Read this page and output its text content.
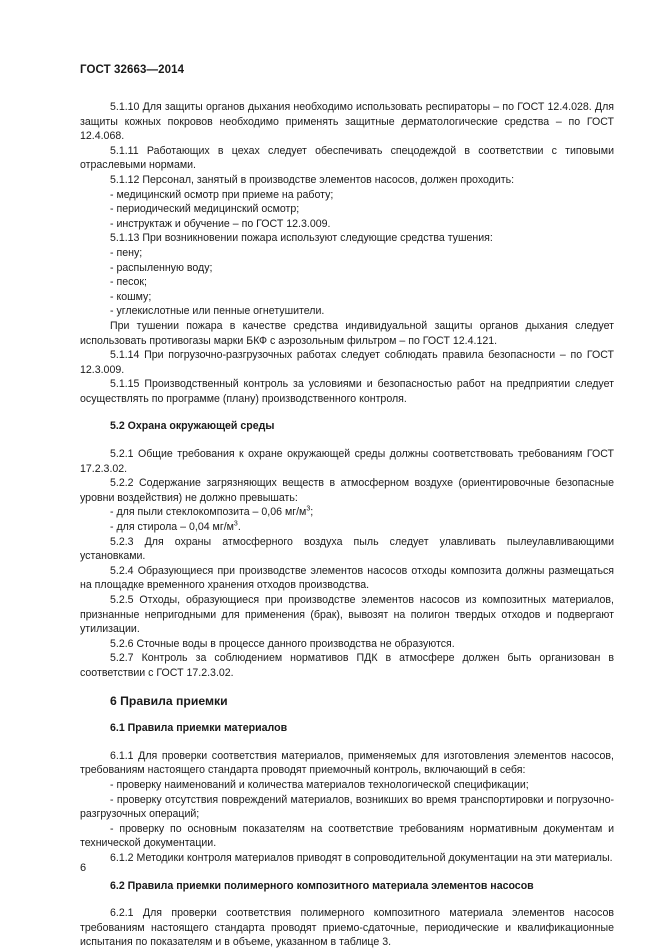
ГОСТ 32663—2014

5.1.10 Для защиты органов дыхания необходимо использовать респираторы – по ГОСТ 12.4.028. Для защиты кожных покровов необходимо применять защитные дерматологические средства – по ГОСТ 12.4.068.

5.1.11 Работающих в цехах следует обеспечивать спецодеждой в соответствии с типовыми отраслевыми нормами.

5.1.12 Персонал, занятый в производстве элементов насосов, должен проходить:

- медицинский осмотр при приеме на работу;

- периодический медицинский осмотр;

- инструктаж и обучение – по ГОСТ 12.3.009.

5.1.13 При возникновении пожара используют следующие средства тушения:

- пену;

- распыленную воду;

- песок;

- кошму;

- углекислотные или пенные огнетушители.

При тушении пожара в качестве средства индивидуальной защиты органов дыхания следует использовать противогазы марки БКФ с аэрозольным фильтром – по ГОСТ 12.4.121.

5.1.14 При погрузочно-разгрузочных работах следует соблюдать правила безопасности – по ГОСТ 12.3.009.

5.1.15 Производственный контроль за условиями и безопасностью работ на предприятии следует осуществлять по программе (плану) производственного контроля.

5.2 Охрана окружающей среды

5.2.1 Общие требования к охране окружающей среды должны соответствовать требованиям ГОСТ 17.2.3.02.

5.2.2 Содержание загрязняющих веществ в атмосферном воздухе (ориентировочные безопасные уровни воздействия) не должно превышать:

- для пыли стеклокомпозита – 0,06 $мг/м^3$;

- для стирола – 0,04 $мг/м^3$.

5.2.3 Для охраны атмосферного воздуха пыль следует улавливать пылеулавливающими установками.

5.2.4 Образующиеся при производстве элементов насосов отходы композита должны размещаться на площадке временного хранения отходов производства.

5.2.5 Отходы, образующиеся при производстве элементов насосов из композитных материалов, признанные непригодными для применения (брак), вывозят на полигон твердых отходов и подвергают утилизации.

5.2.6 Сточные воды в процессе данного производства не образуются.

5.2.7 Контроль за соблюдением нормативов ПДК в атмосфере должен быть организован в соответствии с ГОСТ 17.2.3.02.

6 Правила приемки

6.1 Правила приемки материалов

6.1.1 Для проверки соответствия материалов, применяемых для изготовления элементов насосов, требованиям настоящего стандарта проводят приемочный контроль, включающий в себя:

- проверку наименований и количества материалов технологической спецификации;

- проверку отсутствия повреждений материалов, возникших во время транспортировки и погрузочно-разгрузочных операций;

- проверку по основным показателям на соответствие требованиям нормативным документам и технической документации.

6.1.2 Методики контроля материалов приводят в сопроводительной документации на эти материалы.

6.2 Правила приемки полимерного композитного материала элементов насосов

6.2.1 Для проверки соответствия полимерного композитного материала элементов насосов требованиям настоящего стандарта проводят приемо-сдаточные, периодические и квалификационные испытания по показателям и в объеме, указанном в таблице 3.

6
